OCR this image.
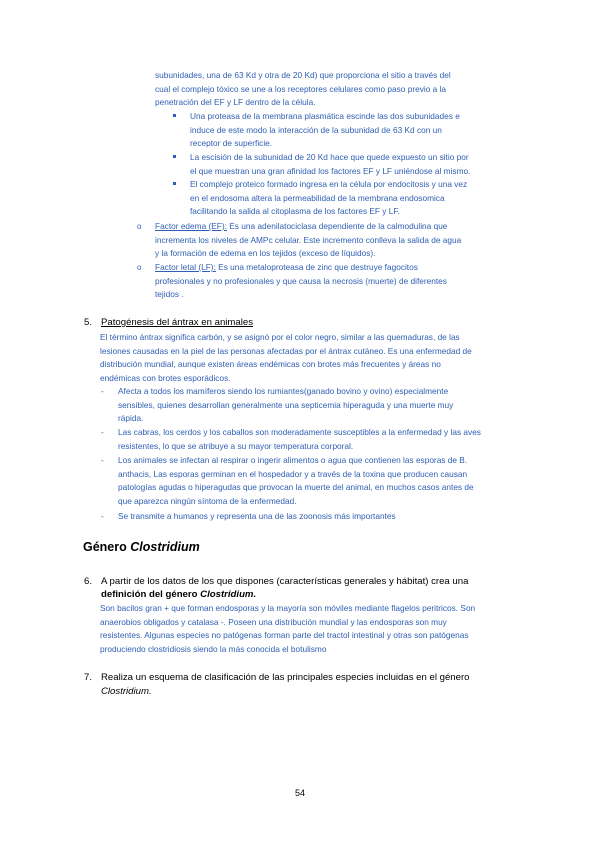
subunidades, una de 63 Kd y otra de 20 Kd) que proporciona el sitio a través del
cual el complejo tóxico se une a los receptores celulares como paso previo a la
penetración del EF y LF dentro de la célula.
Una proteasa de la membrana plasmática escinde las dos subunidades e
induce de este modo la interacción de la subunidad de 63 Kd con un
receptor de superficie.
La escisión de la subunidad de 20 Kd hace que quede expuesto un sitio por
el que muestran una gran afinidad los factores EF y LF uniéndose al mismo.
El complejo proteico formado ingresa en la célula por endocitosis y una vez
en el endosoma altera la permeabilidad de la membrana endosomica
facilitando la salida al citoplasma de los factores EF y LF.
o Factor edema (EF): Es una adenilatociclasa dependiente de la calmodulina que
incrementa los niveles de AMPc celular. Este incremento conlleva la salida de agua
y la formación de edema en los tejidos (exceso de líquidos).
o Factor letal (LF): Es una metaloproteasa de zinc que destruye fagocitos
profesionales y no profesionales y que causa la necrosis (muerte) de diferentes
tejidos .
5. Patogénesis del ántrax en animales
El término ántrax significa carbón, y se asignó por el color negro, similar a las quemaduras, de las
lesiones causadas en la piel de las personas afectadas por el ántrax cutáneo. Es una enfermedad de
distribución mundial, aunque existen áreas endémicas con brotes más frecuentes y áreas no
endémicas con brotes esporádicos.
- Afecta a todos los mamíferos siendo los rumiantes(ganado bovino y ovino) especialmente
sensibles, quienes desarrollan generalmente una septicemia hiperaguda y una muerte muy
rápida.
- Las cabras, los cerdos y los caballos son moderadamente susceptibles a la enfermedad y las aves
resistentes, lo que se atribuye a su mayor temperatura corporal.
- Los animales se infectan al respirar o ingerir alimentos o agua que contienen las esporas de B.
anthacis, Las esporas germinan en el hospedador y a través de la toxina que producen causan
patologías agudas o hiperagudas que provocan la muerte del animal, en muchos casos antes de
que aparezca ningún síntoma de la enfermedad.
- Se transmite a humanos y representa una de las zoonosis más importantes
Género Clostridium
6. A partir de los datos de los que dispones (características generales y hábitat) crea una
definición del género Clostridium.
Son bacilos gran + que forman endosporas y la mayoría son móviles mediante flagelos peritricos. Son
anaerobios obligados y catalasa -. Poseen una distribución mundial y las endosporas son muy
resistentes. Algunas especies no patógenas forman parte del tractol intestinal y otras son patógenas
produciendo clostridiosis siendo la más conocida el botulismo
7. Realiza un esquema de clasificación de las principales especies incluidas en el género
Clostridium.
54
